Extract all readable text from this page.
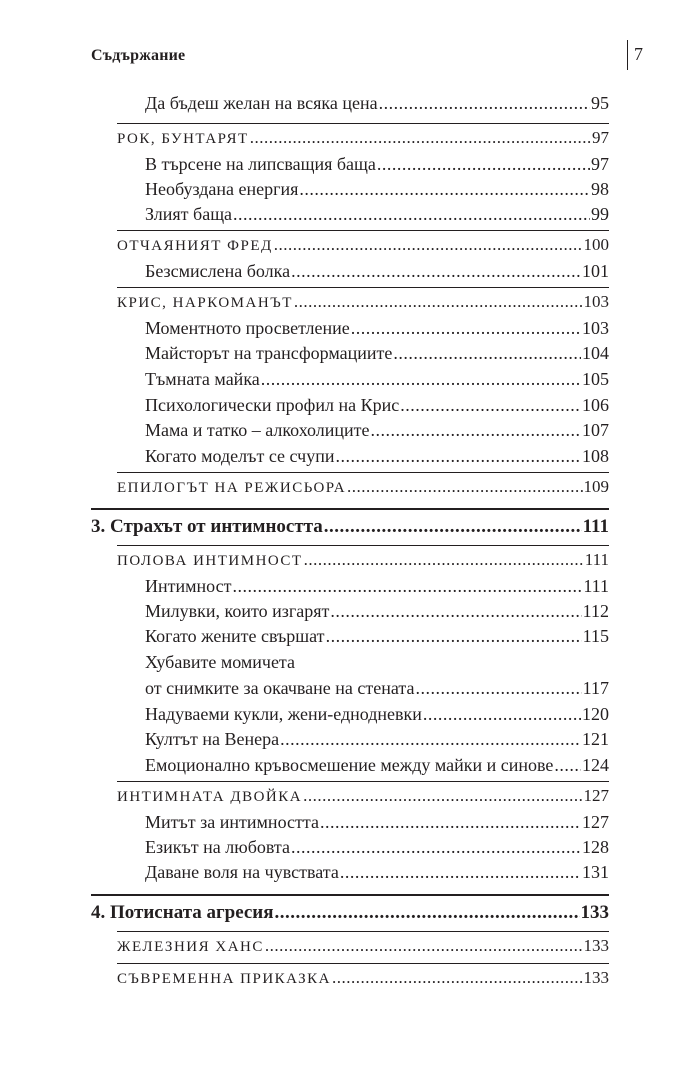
Съдържание	7
Да бъдеш желан на всяка цена .....	95
РОК, БУНТАРЯТ .....	97
В търсене на липсващия баща .....	97
Необуздана енергия .....	98
Злият баща .....	99
ОТЧАЯНИЯТ ФРЕД .....	100
Безсмислена болка .....	101
КРИС, НАРКОМАНЪТ .....	103
Моментното просветление .....	103
Майсторът на трансформациите .....	104
Тъмната майка .....	105
Психологически профил на Крис .....	106
Мама и татко – алкохолиците .....	107
Когато моделът се счупи .....	108
ЕПИЛОГЪТ НА РЕЖИСЬОРА .....	109
3. Страхът от интимността .....	111
ПОЛОВА ИНТИМНОСТ .....	111
Интимност .....	111
Милувки, които изгарят .....	112
Когато жените свършат .....	115
Хубавите момичета
от снимките за окачване на стената .....	117
Надуваеми кукли, жени-еднодневки .....	120
Култът на Венера .....	121
Емоционално кръвосмешение между майки и синове ..... 124
ИНТИМНАТА ДВОЙКА .....	127
Митът за интимността .....	127
Езикът на любовта .....	128
Даване воля на чувствата .....	131
4. Потисната агресия .....	133
ЖЕЛЕЗНИЯ ХАНС .....	133
СЪВРЕМЕННА ПРИКАЗКА .....	133
